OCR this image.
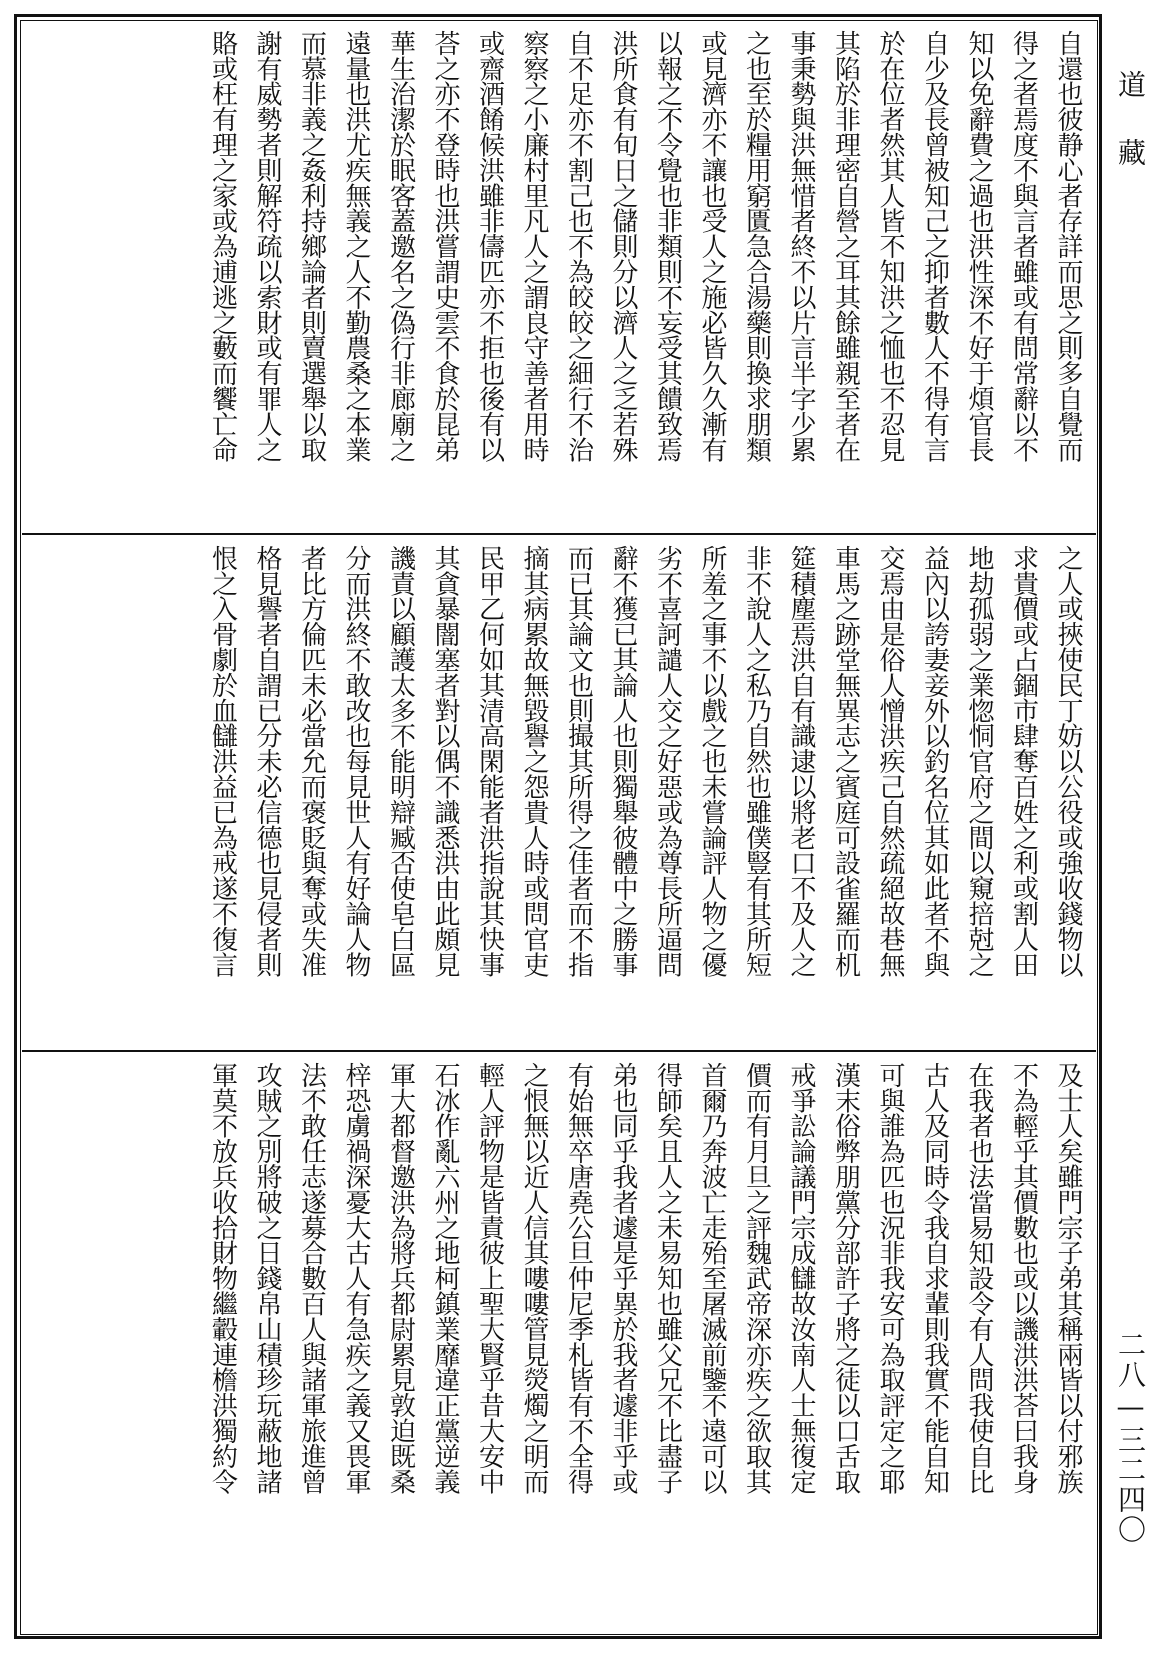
自還也彼静心者存詳而思之則多自覺而
得之者焉度不與言者雖或有問常辭以不
知以免辭費之過也洪性深不好于煩官長
自少及長曾被知己之抑者數人不得有言
於在位者然其人皆不知洪之恤也不忍見
其陷於非理密自營之耳其餘雖親至者在
事秉勢與洪無惜者終不以片言半字少累
之也至於糧用窮匱急合湯藥則換求朋類
或見濟亦不讓也受人之施必皆久久漸有
以報之不令覺也非類則不妄受其饋致焉
洪所食有旬日之儲則分以濟人之乏若殊
自不足亦不割己也不為皎皎之細行不治
察察之小廉村里凡人之謂良守善者用時
或齋酒餚候洪雖非儔匹亦不拒也後有以
荅之亦不登時也洪嘗謂史雲不食於昆弟
華生治潔於眠客蓋邀名之偽行非廊廟之
遠量也洪尤疾無義之人不勤農桑之本業
而慕非義之姦利持鄉論者則賣選舉以取
謝有威勢者則解符疏以索財或有罪人之
賂或枉有理之家或為逋逃之藪而饗亡命
之人或挾使民丁妨以公役或強收錢物以
求貴價或占錮市肆奪百姓之利或割人田
地劫孤弱之業惚恫官府之間以窺掊尅之
益內以誇妻妾外以釣名位其如此者不與
交焉由是俗人憎洪疾己自然疏絕故巷無
車馬之跡堂無異志之賓庭可設雀羅而机
筵積塵焉洪自有識逮以將老口不及人之
非不說人之私乃自然也雖僕豎有其所短
所羞之事不以戲之也未嘗論評人物之優
劣不喜訶譴人交之好惡或為尊長所逼問
辭不獲已其論人也則獨舉彼體中之勝事
而已其論文也則撮其所得之佳者而不指
摘其病累故無毀譽之怨貴人時或問官吏
民甲乙何如其清高閑能者洪指說其快事
其貪暴闇塞者對以偶不識悉洪由此頗見
譏責以顧護太多不能明辯臧否使皂白區
分而洪終不敢改也每見世人有好論人物
者比方倫匹未必當允而褒貶與奪或失准
格見譽者自謂已分未必信德也見侵者則
恨之入骨劇於血讎洪益已為戒遂不復言
及士人矣雖門宗子弟其稱兩皆以付邪族
不為輕乎其價數也或以譏洪洪荅曰我身
在我者也法當易知設令有人問我使自比
古人及同時令我自求輩則我實不能自知
可與誰為匹也況非我安可為取評定之耶
漢末俗弊朋黨分部許子將之徒以口舌取
戒爭訟論議門宗成讎故汝南人士無復定
價而有月旦之評魏武帝深亦疾之欲取其
首爾乃奔波亡走殆至屠滅前鑒不遠可以
得師矣且人之未易知也雖父兄不比盡子
弟也同乎我者遽是乎異於我者遽非乎或
有始無卒唐堯公旦仲尼季札皆有不全得
之恨無以近人信其嘍嘍管見熒燭之明而
輕人評物是皆責彼上聖大賢乎昔大安中
石冰作亂六州之地柯鎮業靡違正黨逆義
軍大都督邀洪為將兵都尉累見敦迫既桑
梓恐虜禍深憂大古人有急疾之義又畏軍
法不敢任志遂募合數百人與諸軍旅進曾
攻賊之別將破之日錢帛山積珍玩蔽地諸
軍莫不放兵收拾財物繼轂連檐洪獨約令
道藏
二八—三二四〇
